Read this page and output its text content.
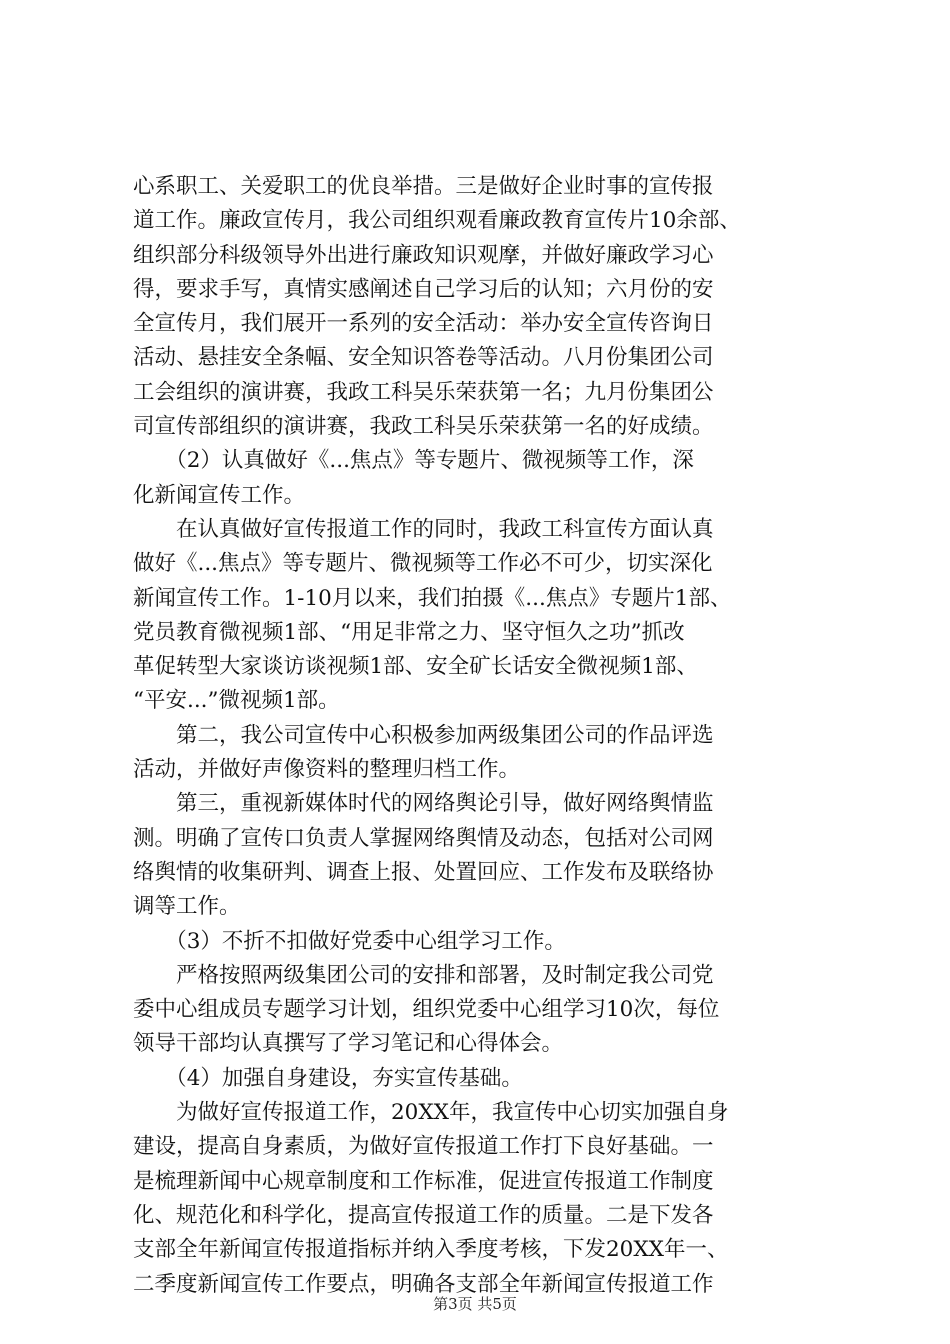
心系职工、关爱职工的优良举措。三是做好企业时事的宣传报
道工作。廉政宣传月，我公司组织观看廉政教育宣传片10余部、
组织部分科级领导外出进行廉政知识观摩，并做好廉政学习心
得，要求手写，真情实感阐述自己学习后的认知；六月份的安
全宣传月，我们展开一系列的安全活动：举办安全宣传咨询日
活动、悬挂安全条幅、安全知识答卷等活动。八月份集团公司
工会组织的演讲赛，我政工科吴乐荣获第一名；九月份集团公
司宣传部组织的演讲赛，我政工科吴乐荣获第一名的好成绩。
　　（2）认真做好《...焦点》等专题片、微视频等工作，深
化新闻宣传工作。
　　在认真做好宣传报道工作的同时，我政工科宣传方面认真
做好《...焦点》等专题片、微视频等工作必不可少，切实深化
新闻宣传工作。1-10月以来，我们拍摄《...焦点》专题片1部、
党员教育微视频1部、“用足非常之力、坚守恒久之功”抓改
革促转型大家谈访谈视频1部、安全矿长话安全微视频1部、
“平安...”微视频1部。
　　第二，我公司宣传中心积极参加两级集团公司的作品评选
活动，并做好声像资料的整理归档工作。
　　第三，重视新媒体时代的网络舆论引导，做好网络舆情监
测。明确了宣传口负责人掌握网络舆情及动态，包括对公司网
络舆情的收集研判、调查上报、处置回应、工作发布及联络协
调等工作。
　　（3）不折不扣做好党委中心组学习工作。
　　严格按照两级集团公司的安排和部署，及时制定我公司党
委中心组成员专题学习计划，组织党委中心组学习10次，每位
领导干部均认真撰写了学习笔记和心得体会。
　　（4）加强自身建设，夯实宣传基础。
　　为做好宣传报道工作，20XX年，我宣传中心切实加强自身
建设，提高自身素质，为做好宣传报道工作打下良好基础。一
是梳理新闻中心规章制度和工作标准，促进宣传报道工作制度
化、规范化和科学化，提高宣传报道工作的质量。二是下发各
支部全年新闻宣传报道指标并纳入季度考核，下发20XX年一、
二季度新闻宣传工作要点，明确各支部全年新闻宣传报道工作
第3页 共5页
